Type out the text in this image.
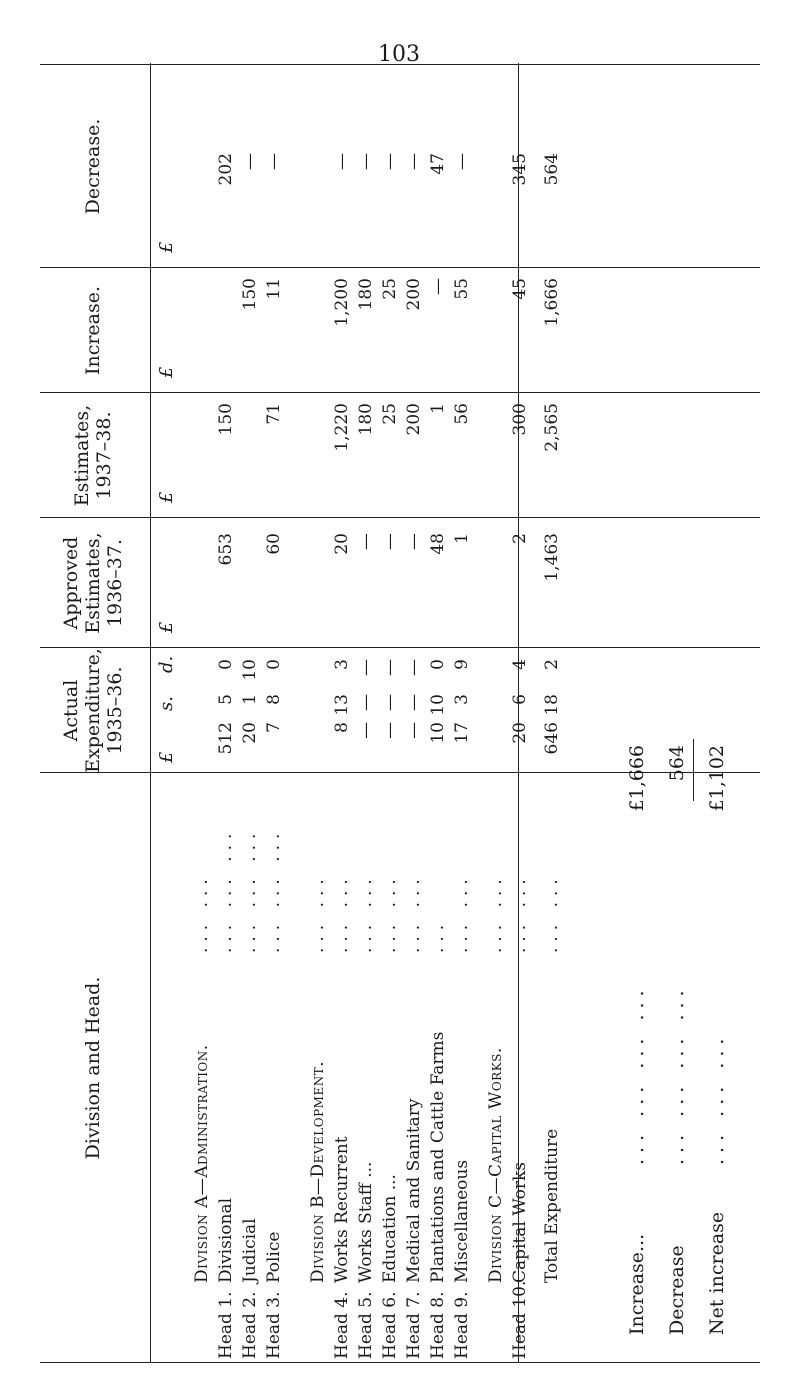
103
Division and Head.
Actual Expenditure, 1935–36.
Approved Estimates, 1936–37.
Estimates, 1937–38.
Increase.
Decrease.
£
s.
d.
£
£
£
£
Division A—Administration.
... ...
Head 1.
Divisional
... ... ...
512
5
0
653
150
202
Head 2.
Judicial
... ... ...
20
1
10
150
—
Head 3.
Police
... ... ...
7
8
0
60
71
11
—
Division B—Development.
... ...
Head 4.
Works Recurrent
... ...
8
13
3
20
1,220
1,200
—
Head 5.
Works Staff ...
... ...
—
—
—
—
180
180
—
Head 6.
Education ...
... ...
—
—
—
—
25
25
—
Head 7.
Medical and Sanitary
... ...
—
—
—
—
200
200
—
Head 8.
Plantations and Cattle Farms
...
10
10
0
48
1
—
47
Head 9.
Miscellaneous
... ...
17
3
9
1
56
55
—
Division C—Capital Works.
... ...
Head 10.
Capital Works
... ...
20
6
4
2
300
45
345
Total Expenditure
... ...
646
18
2
1,463
2,565
1,666
564
Increase...
... ... ... ...
£1,666
Decrease
... ... ... ...
564
Net increase
... ... ...
£1,102
